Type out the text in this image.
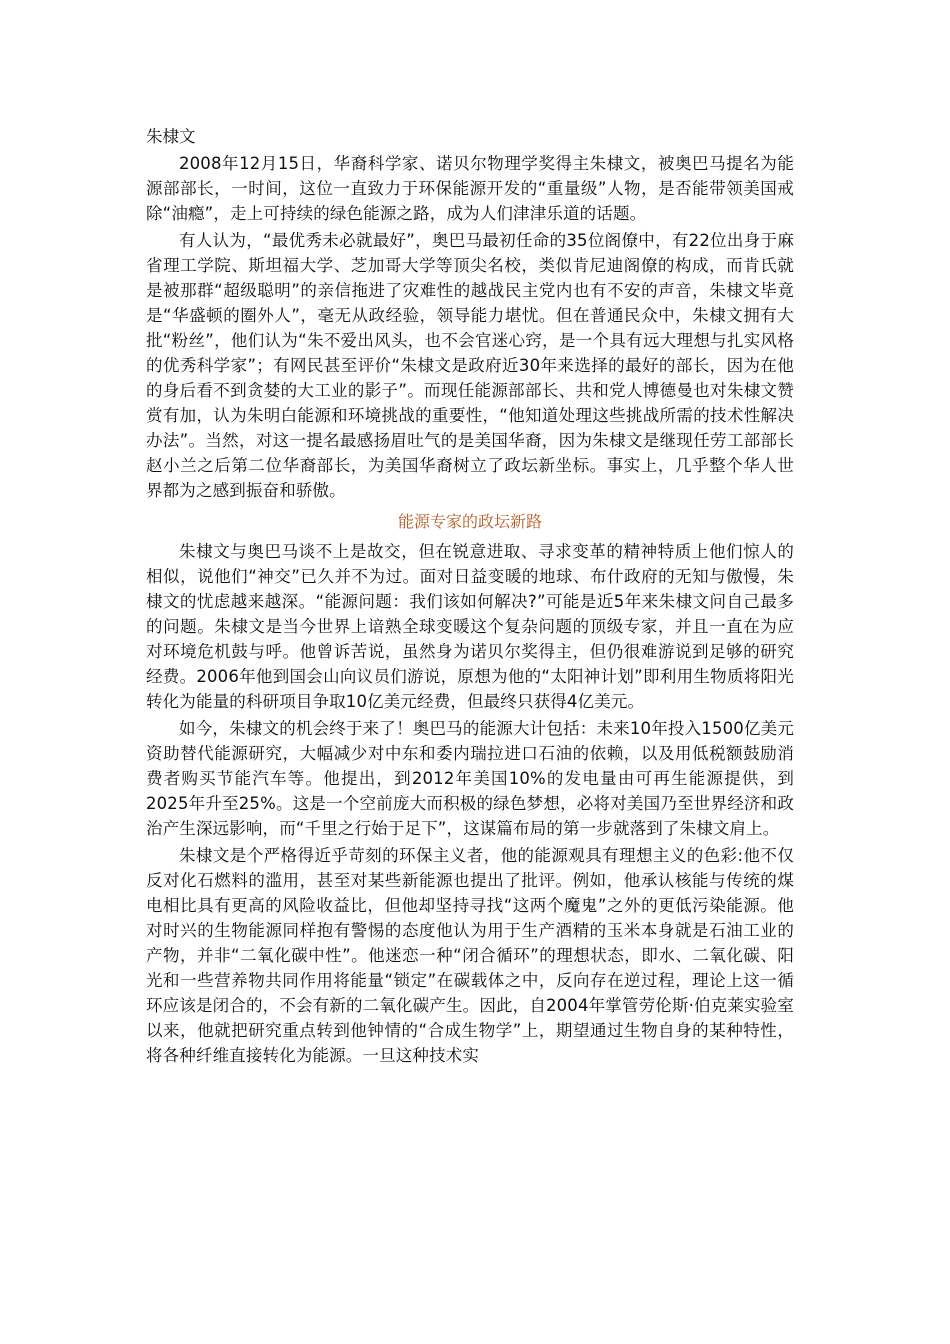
朱棣文

2008年12月15日，华裔科学家、诺贝尔物理学奖得主朱棣文，被奥巴马提名为能源部部长，一时间，这位一直致力于环保能源开发的“重量级”人物，是否能带领美国戒除“油瘾”，走上可持续的绿色能源之路，成为人们津津乐道的话题。

有人认为，“最优秀未必就最好”，奥巴马最初任命的35位阁僚中，有22位出身于麻省理工学院、斯坦福大学、芝加哥大学等顶尖名校，类似肯尼迪阁僚的构成，而肯氏就是被那群“超级聪明”的亲信拖进了灾难性的越战民主党内也有不安的声音，朱棣文毕竟是“华盛顿的圈外人”，毫无从政经验，领导能力堪忧。但在普通民众中，朱棣文拥有大批“粉丝”，他们认为“朱不爱出风头，也不会官迷心窍，是一个具有远大理想与扎实风格的优秀科学家”；有网民甚至评价“朱棣文是政府近30年来选择的最好的部长，因为在他的身后看不到贪婪的大工业的影子”。而现任能源部部长、共和党人博德曼也对朱棣文赞赏有加，认为朱明白能源和环境挑战的重要性，“他知道处理这些挑战所需的技术性解决办法”。当然，对这一提名最感扬眉吐气的是美国华裔，因为朱棣文是继现任劳工部部长赵小兰之后第二位华裔部长，为美国华裔树立了政坛新坐标。事实上，几乎整个华人世界都为之感到振奋和骄傲。

能源专家的政坛新路

朱棣文与奥巴马谈不上是故交，但在锐意进取、寻求变革的精神特质上他们惊人的相似，说他们“神交”已久并不为过。面对日益变暖的地球、布什政府的无知与傲慢，朱棣文的忧虑越来越深。“能源问题：我们该如何解决?”可能是近5年来朱棣文问自己最多的问题。朱棣文是当今世界上谙熟全球变暖这个复杂问题的顶级专家，并且一直在为应对环境危机鼓与呼。他曾诉苦说，虽然身为诺贝尔奖得主，但仍很难游说到足够的研究经费。2006年他到国会山向议员们游说，原想为他的“太阳神计划”即利用生物质将阳光转化为能量的科研项目争取10亿美元经费，但最终只获得4亿美元。

如今，朱棣文的机会终于来了！奥巴马的能源大计包括：未来10年投入1500亿美元资助替代能源研究，大幅减少对中东和委内瑞拉进口石油的依赖，以及用低税额鼓励消费者购买节能汽车等。他提出，到2012年美国10%的发电量由可再生能源提供，到2025年升至25%。这是一个空前庞大而积极的绿色梦想，必将对美国乃至世界经济和政治产生深远影响，而“千里之行始于足下”，这谋篇布局的第一步就落到了朱棣文肩上。

朱棣文是个严格得近乎苛刻的环保主义者，他的能源观具有理想主义的色彩:他不仅反对化石燃料的滥用，甚至对某些新能源也提出了批评。例如，他承认核能与传统的煤电相比具有更高的风险收益比，但他却坚持寻找“这两个魔鬼”之外的更低污染能源。他对时兴的生物能源同样抱有警惕的态度他认为用于生产酒精的玉米本身就是石油工业的产物，并非“二氧化碳中性”。他迷恋一种“闭合循环”的理想状态，即水、二氧化碳、阳光和一些营养物共同作用将能量“锁定”在碳载体之中，反向存在逆过程，理论上这一循环应该是闭合的，不会有新的二氧化碳产生。因此，自2004年掌管劳伦斯·伯克莱实验室以来，他就把研究重点转到他钟情的“合成生物学”上，期望通过生物自身的某种特性，将各种纤维直接转化为能源。一旦这种技术实
